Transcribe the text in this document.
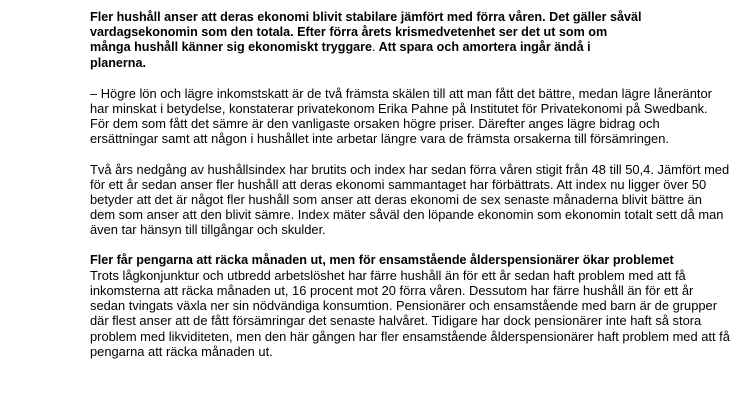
Fler hushåll anser att deras ekonomi blivit stabilare jämfört med förra våren. Det gäller såväl vardagsekonomin som den totala. Efter förra årets krismedvetenhet ser det ut som om många hushåll känner sig ekonomiskt tryggare. Att spara och amortera ingår ändå i planerna.

– Högre lön och lägre inkomstskatt är de två främsta skälen till att man fått det bättre, medan lägre låneräntor har minskat i betydelse, konstaterar privatekonom Erika Pahne på Institutet för Privatekonomi på Swedbank. För dem som fått det sämre är den vanligaste orsaken högre priser. Därefter anges lägre bidrag och ersättningar samt att någon i hushållet inte arbetar längre vara de främsta orsakerna till försämringen.

Två års nedgång av hushållsindex har brutits och index har sedan förra våren stigit från 48 till 50,4. Jämfört med för ett år sedan anser fler hushåll att deras ekonomi sammantaget har förbättrats. Att index nu ligger över 50 betyder att det är något fler hushåll som anser att deras ekonomi de sex senaste månaderna blivit bättre än dem som anser att den blivit sämre. Index mäter såväl den löpande ekonomin som ekonomin totalt sett då man även tar hänsyn till tillgångar och skulder.

Fler får pengarna att räcka månaden ut, men för ensamstående ålderspensionärer ökar problemet

Trots lågkonjunktur och utbredd arbetslöshet har färre hushåll än för ett år sedan haft problem med att få inkomsterna att räcka månaden ut, 16 procent mot 20 förra våren. Dessutom har färre hushåll än för ett år sedan tvingats växla ner sin nödvändiga konsumtion. Pensionärer och ensamstående med barn är de grupper där flest anser att de fått försämringar det senaste halvåret. Tidigare har dock pensionärer inte haft så stora problem med likviditeten, men den här gången har fler ensamstående ålderspensionärer haft problem med att få pengarna att räcka månaden ut.
